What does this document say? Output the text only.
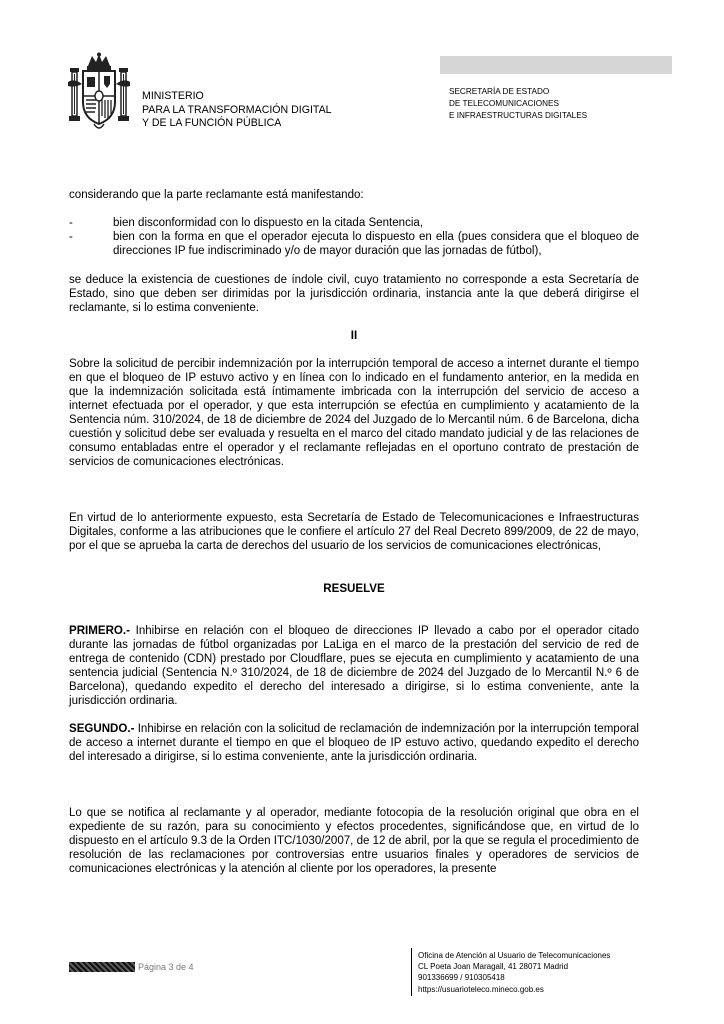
MINISTERIO
PARA LA TRANSFORMACIÓN DIGITAL
Y DE LA FUNCIÓN PÚBLICA
SECRETARÍA DE ESTADO
DE TELECOMUNICACIONES
E INFRAESTRUCTURAS DIGITALES

considerando que la parte reclamante está manifestando:

-	bien disconformidad con lo dispuesto en la citada Sentencia,
-	bien con la forma en que el operador ejecuta lo dispuesto en ella (pues considera que el bloqueo de direcciones IP fue indiscriminado y/o de mayor duración que las jornadas de fútbol),

se deduce la existencia de cuestiones de índole civil, cuyo tratamiento no corresponde a esta Secretaría de Estado, sino que deben ser dirimidas por la jurisdicción ordinaria, instancia ante la que deberá dirigirse el reclamante, si lo estima conveniente.

II

Sobre la solicitud de percibir indemnización por la interrupción temporal de acceso a internet durante el tiempo en que el bloqueo de IP estuvo activo y en línea con lo indicado en el fundamento anterior, en la medida en que la indemnización solicitada está íntimamente imbricada con la interrupción del servicio de acceso a internet efectuada por el operador, y que esta interrupción se efectúa en cumplimiento y acatamiento de la Sentencia núm. 310/2024, de 18 de diciembre de 2024 del Juzgado de lo Mercantil núm. 6 de Barcelona, dicha cuestión y solicitud debe ser evaluada y resuelta en el marco del citado mandato judicial y de las relaciones de consumo entabladas entre el operador y el reclamante reflejadas en el oportuno contrato de prestación de servicios de comunicaciones electrónicas.

En virtud de lo anteriormente expuesto, esta Secretaría de Estado de Telecomunicaciones e Infraestructuras Digitales, conforme a las atribuciones que le confiere el artículo 27 del Real Decreto 899/2009, de 22 de mayo, por el que se aprueba la carta de derechos del usuario de los servicios de comunicaciones electrónicas,

RESUELVE

PRIMERO.- Inhibirse en relación con el bloqueo de direcciones IP llevado a cabo por el operador citado durante las jornadas de fútbol organizadas por LaLiga en el marco de la prestación del servicio de red de entrega de contenido (CDN) prestado por Cloudflare, pues se ejecuta en cumplimiento y acatamiento de una sentencia judicial (Sentencia N.º 310/2024, de 18 de diciembre de 2024 del Juzgado de lo Mercantil N.º 6 de Barcelona), quedando expedito el derecho del interesado a dirigirse, si lo estima conveniente, ante la jurisdicción ordinaria.

SEGUNDO.- Inhibirse en relación con la solicitud de reclamación de indemnización por la interrupción temporal de acceso a internet durante el tiempo en que el bloqueo de IP estuvo activo, quedando expedito el derecho del interesado a dirigirse, si lo estima conveniente, ante la jurisdicción ordinaria.

Lo que se notifica al reclamante y al operador, mediante fotocopia de la resolución original que obra en el expediente de su razón, para su conocimiento y efectos procedentes, significándose que, en virtud de lo dispuesto en el artículo 9.3 de la Orden ITC/1030/2007, de 12 de abril, por la que se regula el procedimiento de resolución de las reclamaciones por controversias entre usuarios finales y operadores de servicios de comunicaciones electrónicas y la atención al cliente por los operadores, la presente

Página 3 de 4
Oficina de Atención al Usuario de Telecomunicaciones
CL Poeta Joan Maragall, 41 28071 Madrid
901336699 / 910305418
https://usuarioteleco.mineco.gob.es
